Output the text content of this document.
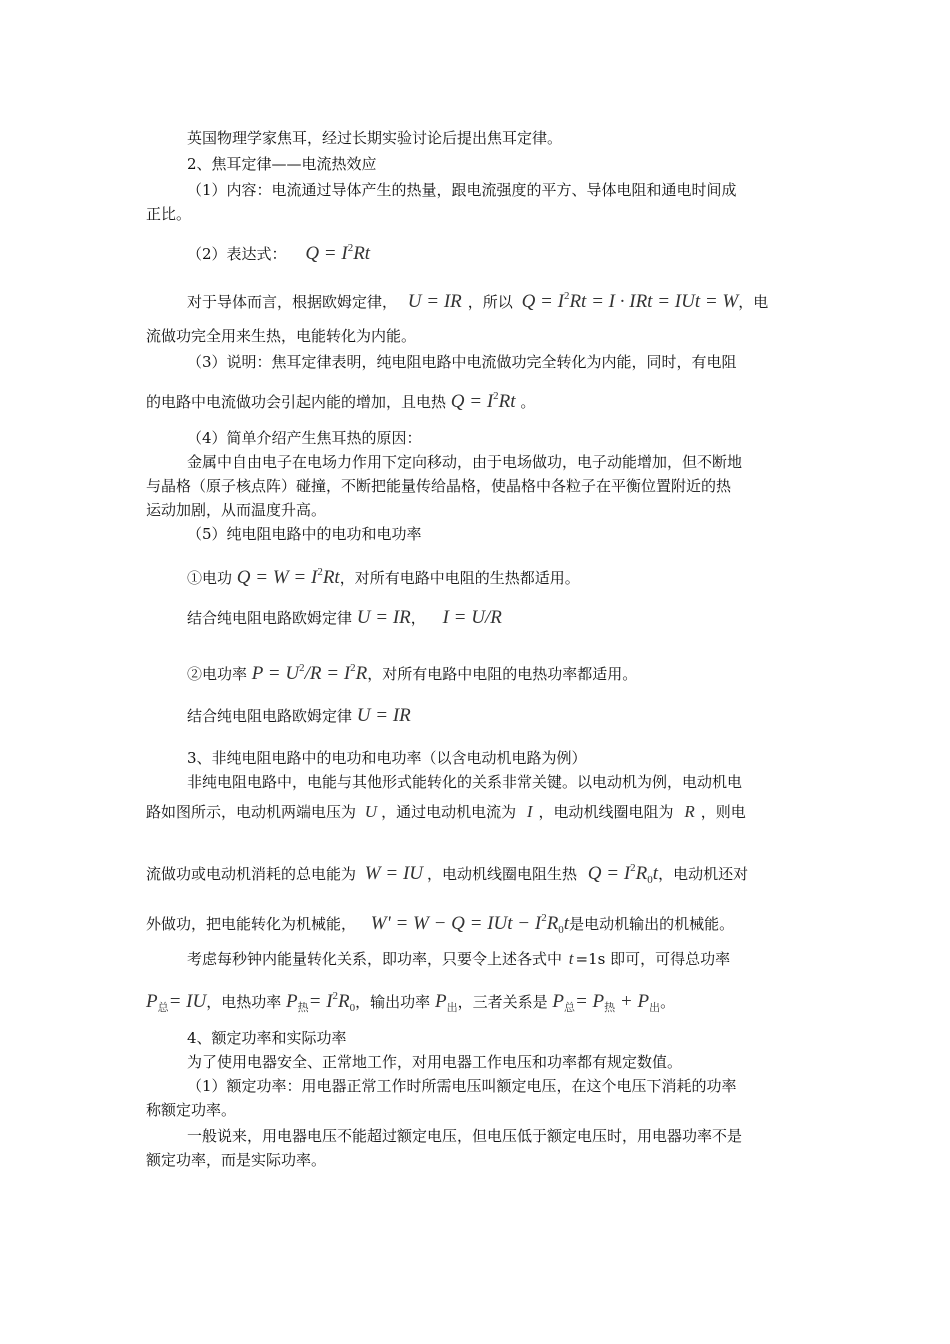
英国物理学家焦耳，经过长期实验讨论后提出焦耳定律。
2、焦耳定律——电流热效应
（1）内容：电流通过导体产生的热量，跟电流强度的平方、导体电阻和通电时间成
正比。
（2）表达式： $Q = I^2Rt$
对于导体而言，根据欧姆定律， U = IR ，所以 $Q = I^2Rt = I$ · IRt = IUt = W，电
流做功完全用来生热，电能转化为内能。
（3）说明：焦耳定律表明，纯电阻电路中电流做功完全转化为内能，同时，有电阻
的电路中电流做功会引起内能的增加，且电热 $Q = I^2Rt$ 。
（4）简单介绍产生焦耳热的原因：
金属中自由电子在电场力作用下定向移动，由于电场做功，电子动能增加，但不断地
与晶格（原子核点阵）碰撞，不断把能量传给晶格，使晶格中各粒子在平衡位置附近的热
运动加剧，从而温度升高。
（5）纯电阻电路中的电功和电功率
①电功 $Q = W = I^2Rt$，对所有电路中电阻的生热都适用。
结合纯电阻电路欧姆定律 U = IR， I = U/R
②电功率 $P = U^2/R = I^2R$，对所有电路中电阻的电热功率都适用。
结合纯电阻电路欧姆定律 U = IR
3、非纯电阻电路中的电功和电功率（以含电动机电路为例）
非纯电阻电路中，电能与其他形式能转化的关系非常关键。以电动机为例，电动机电
路如图所示，电动机两端电压为 U ，通过电动机电流为 I ，电动机线圈电阻为 R ，则电
流做功或电动机消耗的总电能为 W = IU ，电动机线圈电阻生热 $Q = I^2R_0t$，电动机还对
外做功，把电能转化为机械能， W' = W − Q = IUt − $I^2R_0t$是电动机输出的机械能。
考虑每秒钟内能量转化关系，即功率，只要令上述各式中 t =1s 即可，可得总功率
$P_总=$ IU，电热功率 $P_热= I^2R_0$，输出功率 $P_出$，三者关系是 $P_总= P_热 + P_出$。
4、额定功率和实际功率
为了使用电器安全、正常地工作，对用电器工作电压和功率都有规定数值。
（1）额定功率：用电器正常工作时所需电压叫额定电压，在这个电压下消耗的功率
称额定功率。
一般说来，用电器电压不能超过额定电压，但电压低于额定电压时，用电器功率不是
额定功率，而是实际功率。
